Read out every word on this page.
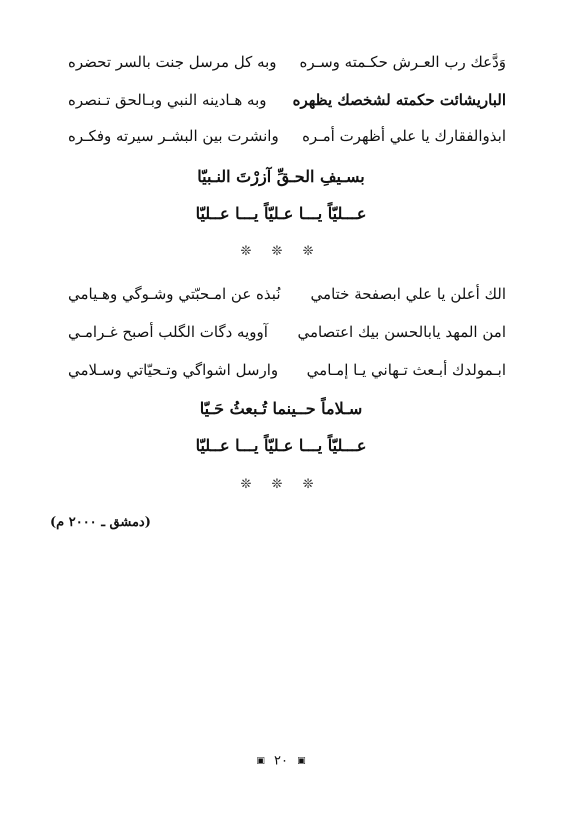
وَدَّعك رب العـرش حكـمته وسـره
وبه كل مرسل جنت بالسر تحضره
الباريشائت حكمته لشخصك يظهره
وبه هـادينه النبي وبـالحق تـنصره
ابذوالفقارك يا علي أظهرت أمـره
وانشرت بين البشـر سيرته وفكـره
بسـيفِ الحـقِّ آزرْتَ النـبيّا
عـــليّاً يـــا عـليّاً يـــا عــليّا
❊ ❊ ❊
الك أعلن يا علي ابصفحة ختامي
نُبذه عن امـحبّتي وشـوگي وهـيامي
امن المهد يابالحسن بيك اعتصامي
آوويه دگات الگلب أصبح غـرامـي
ابـمولدك أبـعث تـهاني يـا إمـامي
وارسل اشواگي وتـحيّاتي وسـلامي
سـلاماً حــينما تُـبعثُ حَـيّا
عـــليّاً يـــا عـليّاً يـــا عــليّا
❊ ❊ ❊
(دمشق ـ ٢٠٠٠ م)
▣ ٢٠ ▣
